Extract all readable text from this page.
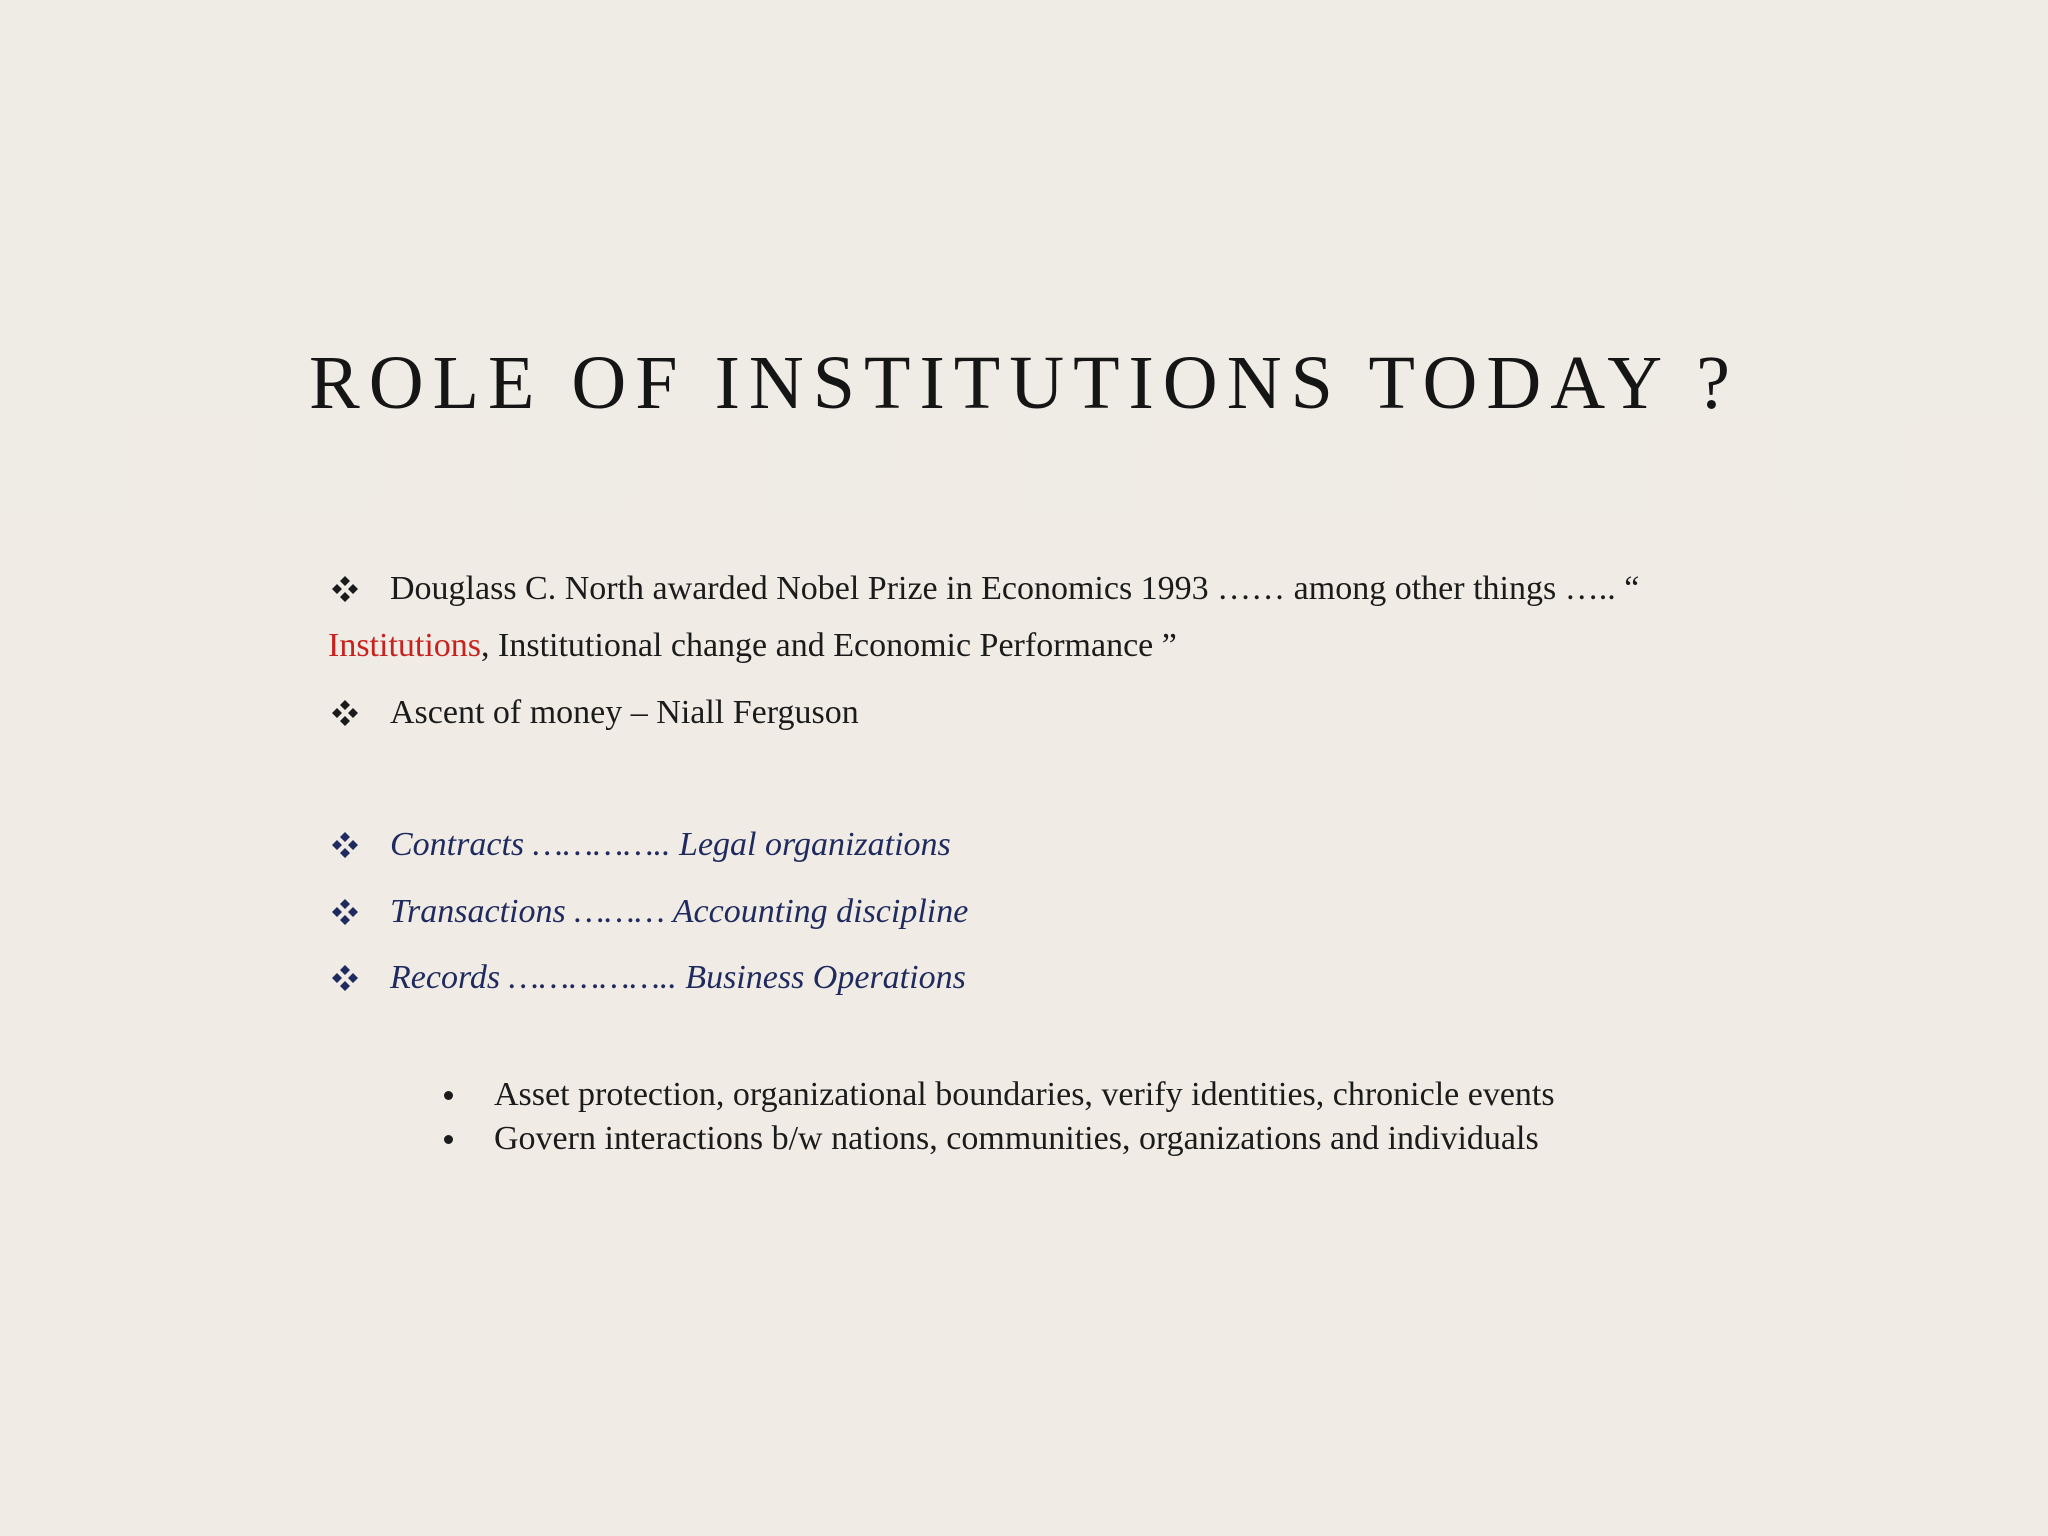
ROLE OF INSTITUTIONS TODAY ?
Douglass C. North awarded Nobel Prize in Economics 1993 …… among other things ….. “
Institutions, Institutional change and Economic Performance ”
Ascent of money – Niall Ferguson
Contracts ………….. Legal organizations
Transactions ……… Accounting discipline
Records …………….. Business Operations
Asset protection, organizational boundaries, verify identities, chronicle events
Govern interactions b/w nations, communities, organizations and individuals
